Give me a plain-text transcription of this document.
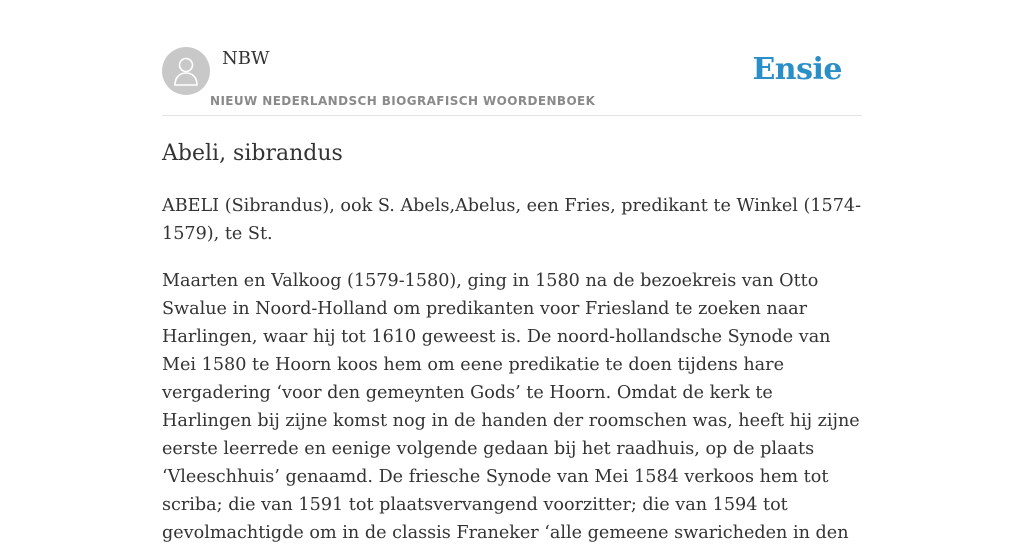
NBW
NIEUW NEDERLANDSCH BIOGRAFISCH WOORDENBOEK
Ensie
Abeli, sibrandus

ABELI (Sibrandus), ook S. Abels,Abelus, een Fries, predikant te Winkel (1574-1579), te St.

Maarten en Valkoog (1579-1580), ging in 1580 na de bezoekreis van Otto Swalue in Noord-Holland om predikanten voor Friesland te zoeken naar Harlingen, waar hij tot 1610 geweest is. De noord-hollandsche Synode van Mei 1580 te Hoorn koos hem om eene predikatie te doen tijdens hare vergadering ‘voor den gemeynten Gods’ te Hoorn. Omdat de kerk te Harlingen bij zijne komst nog in de handen der roomschen was, heeft hij zijne eerste leerrede en eenige volgende gedaan bij het raadhuis, op de plaats ‘Vleeschhuis’ genaamd. De friesche Synode van Mei 1584 verkoos hem tot scriba; die van 1591 tot plaatsvervangend voorzitter; die van 1594 tot gevolmachtigde om in de classis Franeker ‘alle gemeene swaricheden in den
